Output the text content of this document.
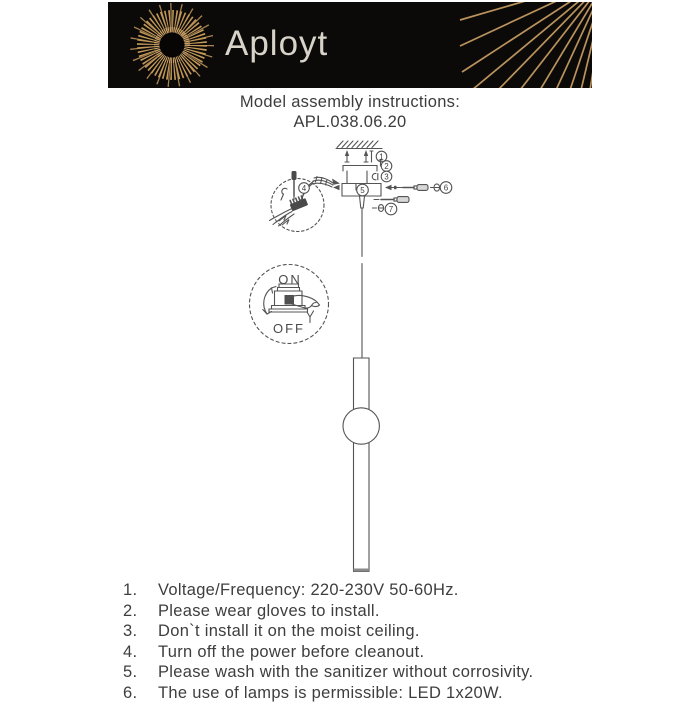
Aployt
Model assembly instructions:
APL.038.06.20
1
2
3
5	6
7
4
ON
OFF
1.	Voltage/Frequency: 220-230V 50-60Hz.
2.	Please wear gloves to install.
3.	Don`t install it on the moist ceiling.
4.	Turn off the power before cleanout.
5.	Please wash with the sanitizer without corrosivity.
6.	The use of lamps is permissible: LED 1x20W.
